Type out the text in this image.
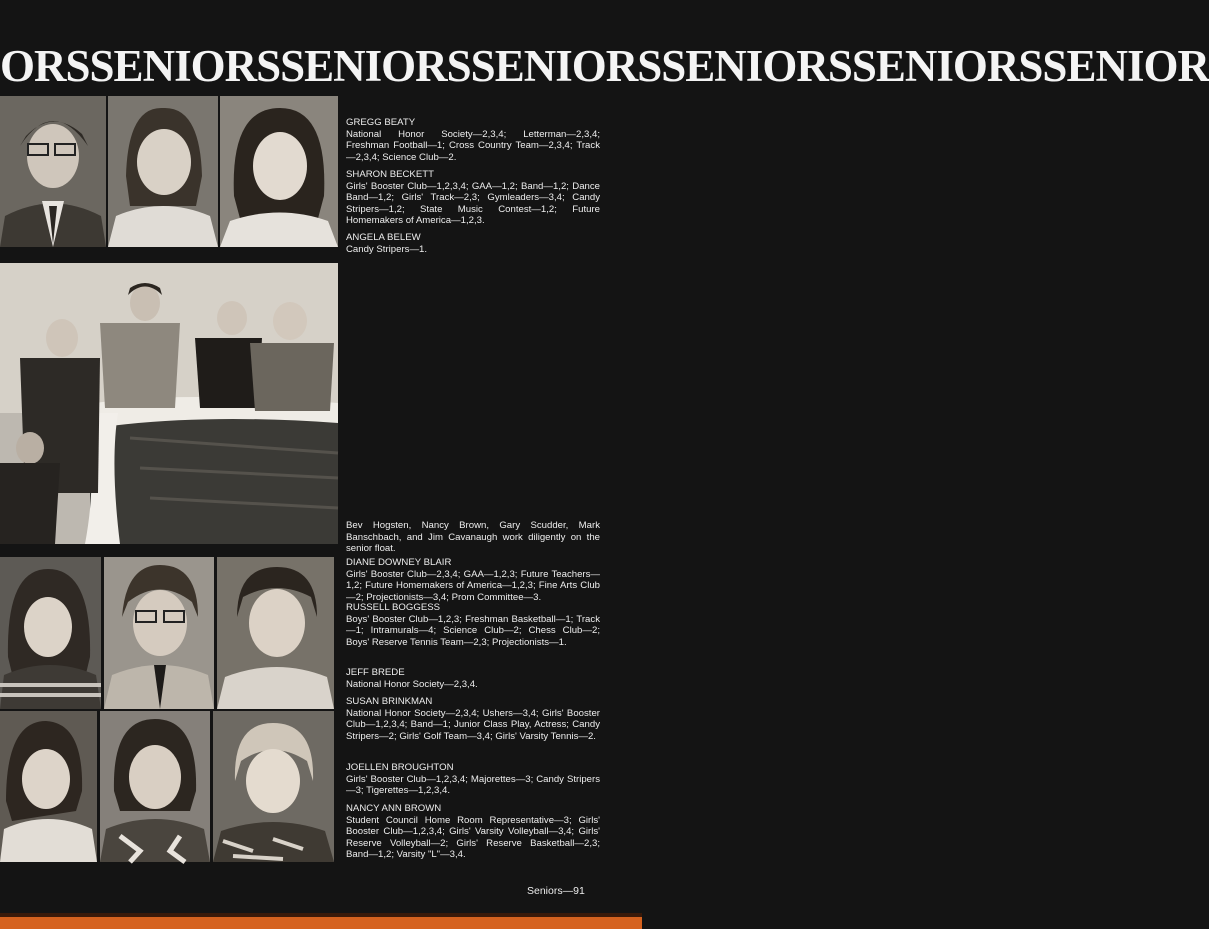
ORSSENIORSSENIORSSENIORSSENIORSSENIORSSENIOR
GREGG BEATY
National Honor Society—2,3,4; Letterman—2,3,4; Freshman Football—1; Cross Country Team—2,3,4; Track—2,3,4; Science Club—2.
SHARON BECKETT
Girls' Booster Club—1,2,3,4; GAA—1,2; Band—1,2; Dance Band—1,2; Girls' Track—2,3; Gymleaders—3,4; Candy Stripers—1,2; State Music Contest—1,2; Future Homemakers of America—1,2,3.
ANGELA BELEW
Candy Stripers—1.
Bev Hogsten, Nancy Brown, Gary Scudder, Mark Banschbach, and Jim Cavanaugh work diligently on the senior float.
DIANE DOWNEY BLAIR
Girls' Booster Club—2,3,4; GAA—1,2,3; Future Teachers—1,2; Future Homemakers of America—1,2,3; Fine Arts Club—2; Projectionists—3,4; Prom Committee—3.
RUSSELL BOGGESS
Boys' Booster Club—1,2,3; Freshman Basketball—1; Track—1; Intramurals—4; Science Club—2; Chess Club—2; Boys' Reserve Tennis Team—2,3; Projectionists—1.
JEFF BREDE
National Honor Society—2,3,4.
SUSAN BRINKMAN
National Honor Society—2,3,4; Ushers—3,4; Girls' Booster Club—1,2,3,4; Band—1; Junior Class Play, Actress; Candy Stripers—2; Girls' Golf Team—3,4; Girls' Varsity Tennis—2.
JOELLEN BROUGHTON
Girls' Booster Club—1,2,3,4; Majorettes—3; Candy Stripers—3; Tigerettes—1,2,3,4.
NANCY ANN BROWN
Student Council Home Room Representative—3; Girls' Booster Club—1,2,3,4; Girls' Varsity Volleyball—3,4; Girls' Reserve Volleyball—2; Girls' Reserve Basketball—2,3; Band—1,2; Varsity "L"—3,4.
Seniors—91
